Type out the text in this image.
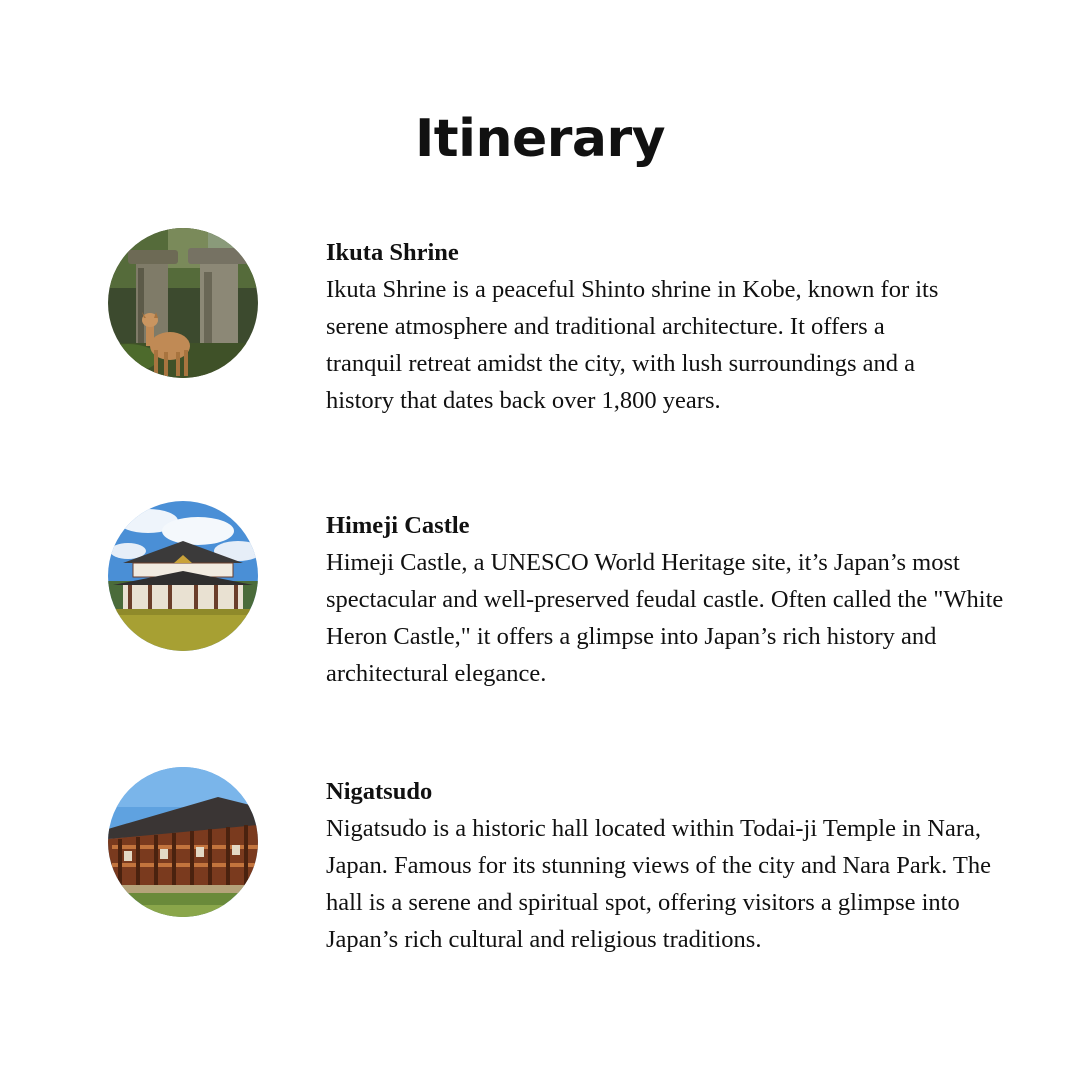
Itinerary

Ikuta Shrine

Ikuta Shrine is a peaceful Shinto shrine in Kobe, known for its
serene atmosphere and traditional architecture. It offers a
tranquil retreat amidst the city, with lush surroundings and a
history that dates back over 1,800 years.

Himeji Castle

Himeji Castle, a UNESCO World Heritage site, it’s Japan’s most
spectacular and well-preserved feudal castle. Often called the "White
Heron Castle," it offers a glimpse into Japan’s rich history and
architectural elegance.

Nigatsudo

Nigatsudo is a historic hall located within Todai-ji Temple in Nara,
Japan. Famous for its stunning views of the city and Nara Park. The
hall is a serene and spiritual spot, offering visitors a glimpse into
Japan’s rich cultural and religious traditions.
